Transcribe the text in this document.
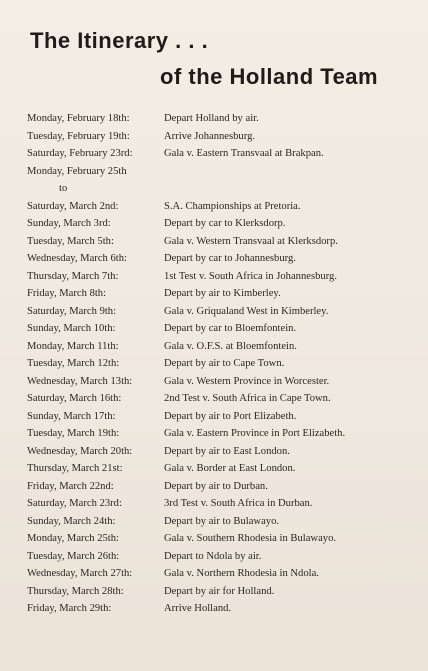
The Itinerary . . .
of the Holland Team
Monday, February 18th:	Depart Holland by air.
Tuesday, February 19th:	Arrive Johannesburg.
Saturday, February 23rd:	Gala v. Eastern Transvaal at Brakpan.
Monday, February 25th
to
Saturday, March 2nd:	S.A. Championships at Pretoria.
Sunday, March 3rd:	Depart by car to Klerksdorp.
Tuesday, March 5th:	Gala v. Western Transvaal at Klerksdorp.
Wednesday, March 6th:	Depart by car to Johannesburg.
Thursday, March 7th:	1st Test v. South Africa in Johannesburg.
Friday, March 8th:	Depart by air to Kimberley.
Saturday, March 9th:	Gala v. Griqualand West in Kimberley.
Sunday, March 10th:	Depart by car to Bloemfontein.
Monday, March 11th:	Gala v. O.F.S. at Bloemfontein.
Tuesday, March 12th:	Depart by air to Cape Town.
Wednesday, March 13th:	Gala v. Western Province in Worcester.
Saturday, March 16th:	2nd Test v. South Africa in Cape Town.
Sunday, March 17th:	Depart by air to Port Elizabeth.
Tuesday, March 19th:	Gala v. Eastern Province in Port Elizabeth.
Wednesday, March 20th:	Depart by air to East London.
Thursday, March 21st:	Gala v. Border at East London.
Friday, March 22nd:	Depart by air to Durban.
Saturday, March 23rd:	3rd Test v. South Africa in Durban.
Sunday, March 24th:	Depart by air to Bulawayo.
Monday, March 25th:	Gala v. Southern Rhodesia in Bulawayo.
Tuesday, March 26th:	Depart to Ndola by air.
Wednesday, March 27th:	Gala v. Northern Rhodesia in Ndola.
Thursday, March 28th:	Depart by air for Holland.
Friday, March 29th:	Arrive Holland.
